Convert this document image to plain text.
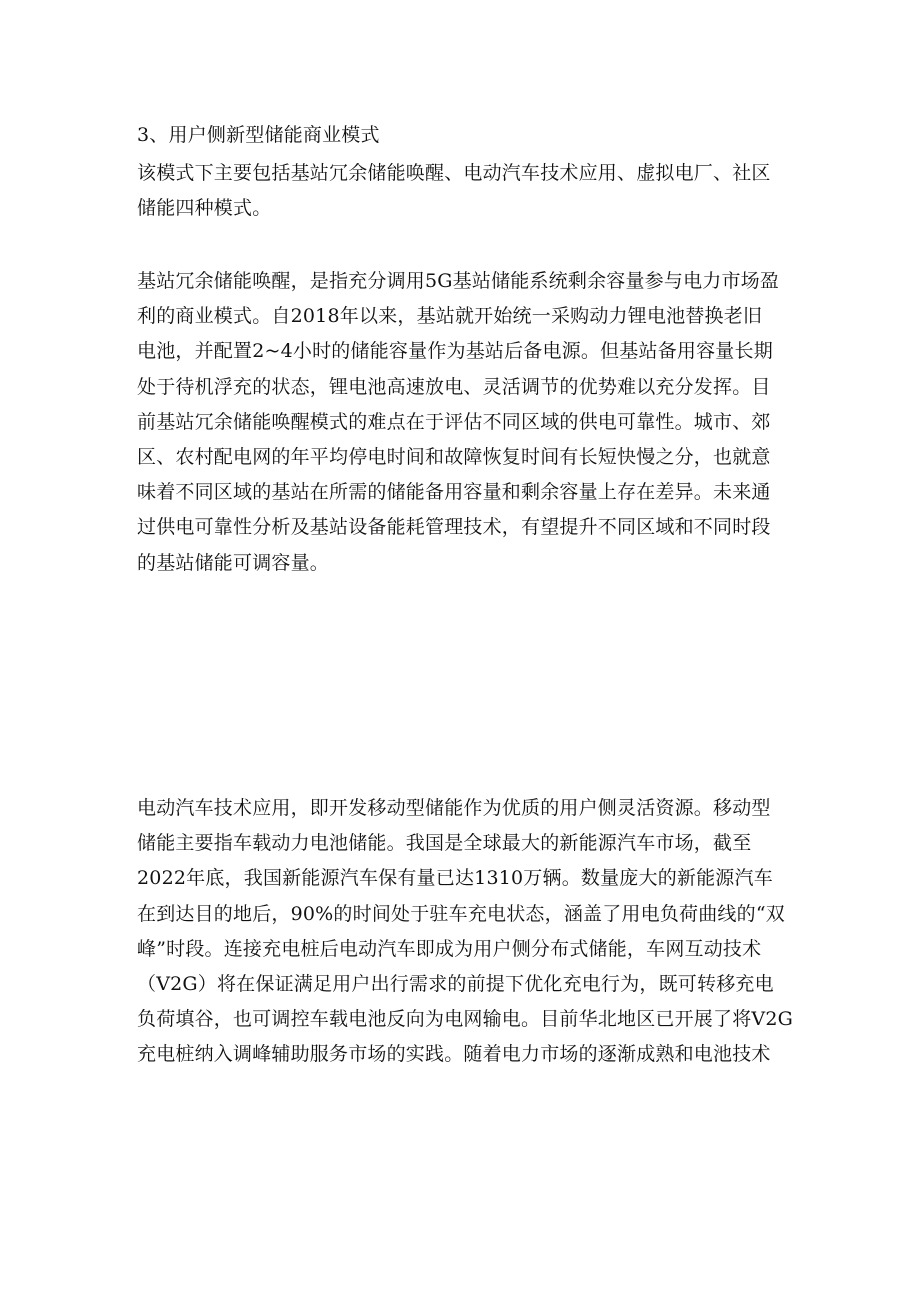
3、用户侧新型储能商业模式
该模式下主要包括基站冗余储能唤醒、电动汽车技术应用、虚拟电厂、社区
储能四种模式。
基站冗余储能唤醒，是指充分调用5G基站储能系统剩余容量参与电力市场盈
利的商业模式。自2018年以来，基站就开始统一采购动力锂电池替换老旧
电池，并配置2~4小时的储能容量作为基站后备电源。但基站备用容量长期
处于待机浮充的状态，锂电池高速放电、灵活调节的优势难以充分发挥。目
前基站冗余储能唤醒模式的难点在于评估不同区域的供电可靠性。城市、郊
区、农村配电网的年平均停电时间和故障恢复时间有长短快慢之分，也就意
味着不同区域的基站在所需的储能备用容量和剩余容量上存在差异。未来通
过供电可靠性分析及基站设备能耗管理技术，有望提升不同区域和不同时段
的基站储能可调容量。
电动汽车技术应用，即开发移动型储能作为优质的用户侧灵活资源。移动型
储能主要指车载动力电池储能。我国是全球最大的新能源汽车市场，截至
2022年底，我国新能源汽车保有量已达1310万辆。数量庞大的新能源汽车
在到达目的地后，90%的时间处于驻车充电状态，涵盖了用电负荷曲线的“双
峰”时段。连接充电桩后电动汽车即成为用户侧分布式储能，车网互动技术
（V2G）将在保证满足用户出行需求的前提下优化充电行为，既可转移充电
负荷填谷，也可调控车载电池反向为电网输电。目前华北地区已开展了将V2G
充电桩纳入调峰辅助服务市场的实践。随着电力市场的逐渐成熟和电池技术
